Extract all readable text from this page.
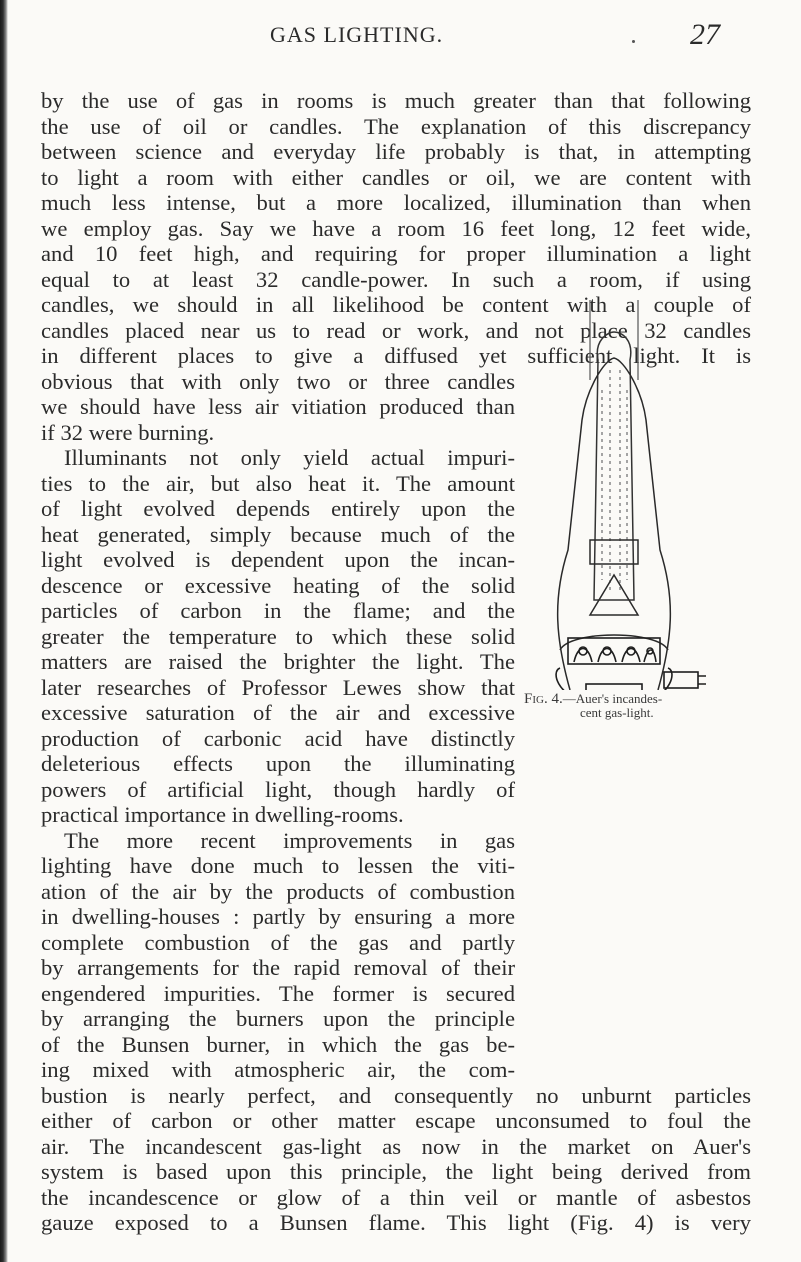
GAS LIGHTING.	27

by the use of gas in rooms is much greater than that following

the use of oil or candles. The explanation of this discrepancy

between science and everyday life probably is that, in attempting

to light a room with either candles or oil, we are content with

much less intense, but a more localized, illumination than when

we employ gas. Say we have a room 16 feet long, 12 feet wide,

and 10 feet high, and requiring for proper illumination a light

equal to at least 32 candle-power. In such a room, if using

candles, we should in all likelihood be content with a couple of

candles placed near us to read or work, and not place 32 candles

in different places to give a diffused yet sufficient light. It is

obvious that with only two or three candles

we should have less air vitiation produced than

if 32 were burning.

Illuminants not only yield actual impuri-

ties to the air, but also heat it. The amount

of light evolved depends entirely upon the

heat generated, simply because much of the

light evolved is dependent upon the incan-

descence or excessive heating of the solid

particles of carbon in the flame; and the

greater the temperature to which these solid

matters are raised the brighter the light. The

later researches of Professor Lewes show that

excessive saturation of the air and excessive

production of carbonic acid have distinctly

deleterious effects upon the illuminating

powers of artificial light, though hardly of

practical importance in dwelling-rooms.

The more recent improvements in gas

lighting have done much to lessen the viti-

ation of the air by the products of combustion

in dwelling-houses : partly by ensuring a more

complete combustion of the gas and partly

by arrangements for the rapid removal of their

engendered impurities. The former is secured

by arranging the burners upon the principle

of the Bunsen burner, in which the gas be-

ing mixed with atmospheric air, the com-

bustion is nearly perfect, and consequently no unburnt particles

either of carbon or other matter escape unconsumed to foul the

air. The incandescent gas-light as now in the market on Auer's

system is based upon this principle, the light being derived from

the incandescence or glow of a thin veil or mantle of asbestos

gauze exposed to a Bunsen flame. This light (Fig. 4) is very

Fig. 4.—Auer's incandes-
cent gas-light.
